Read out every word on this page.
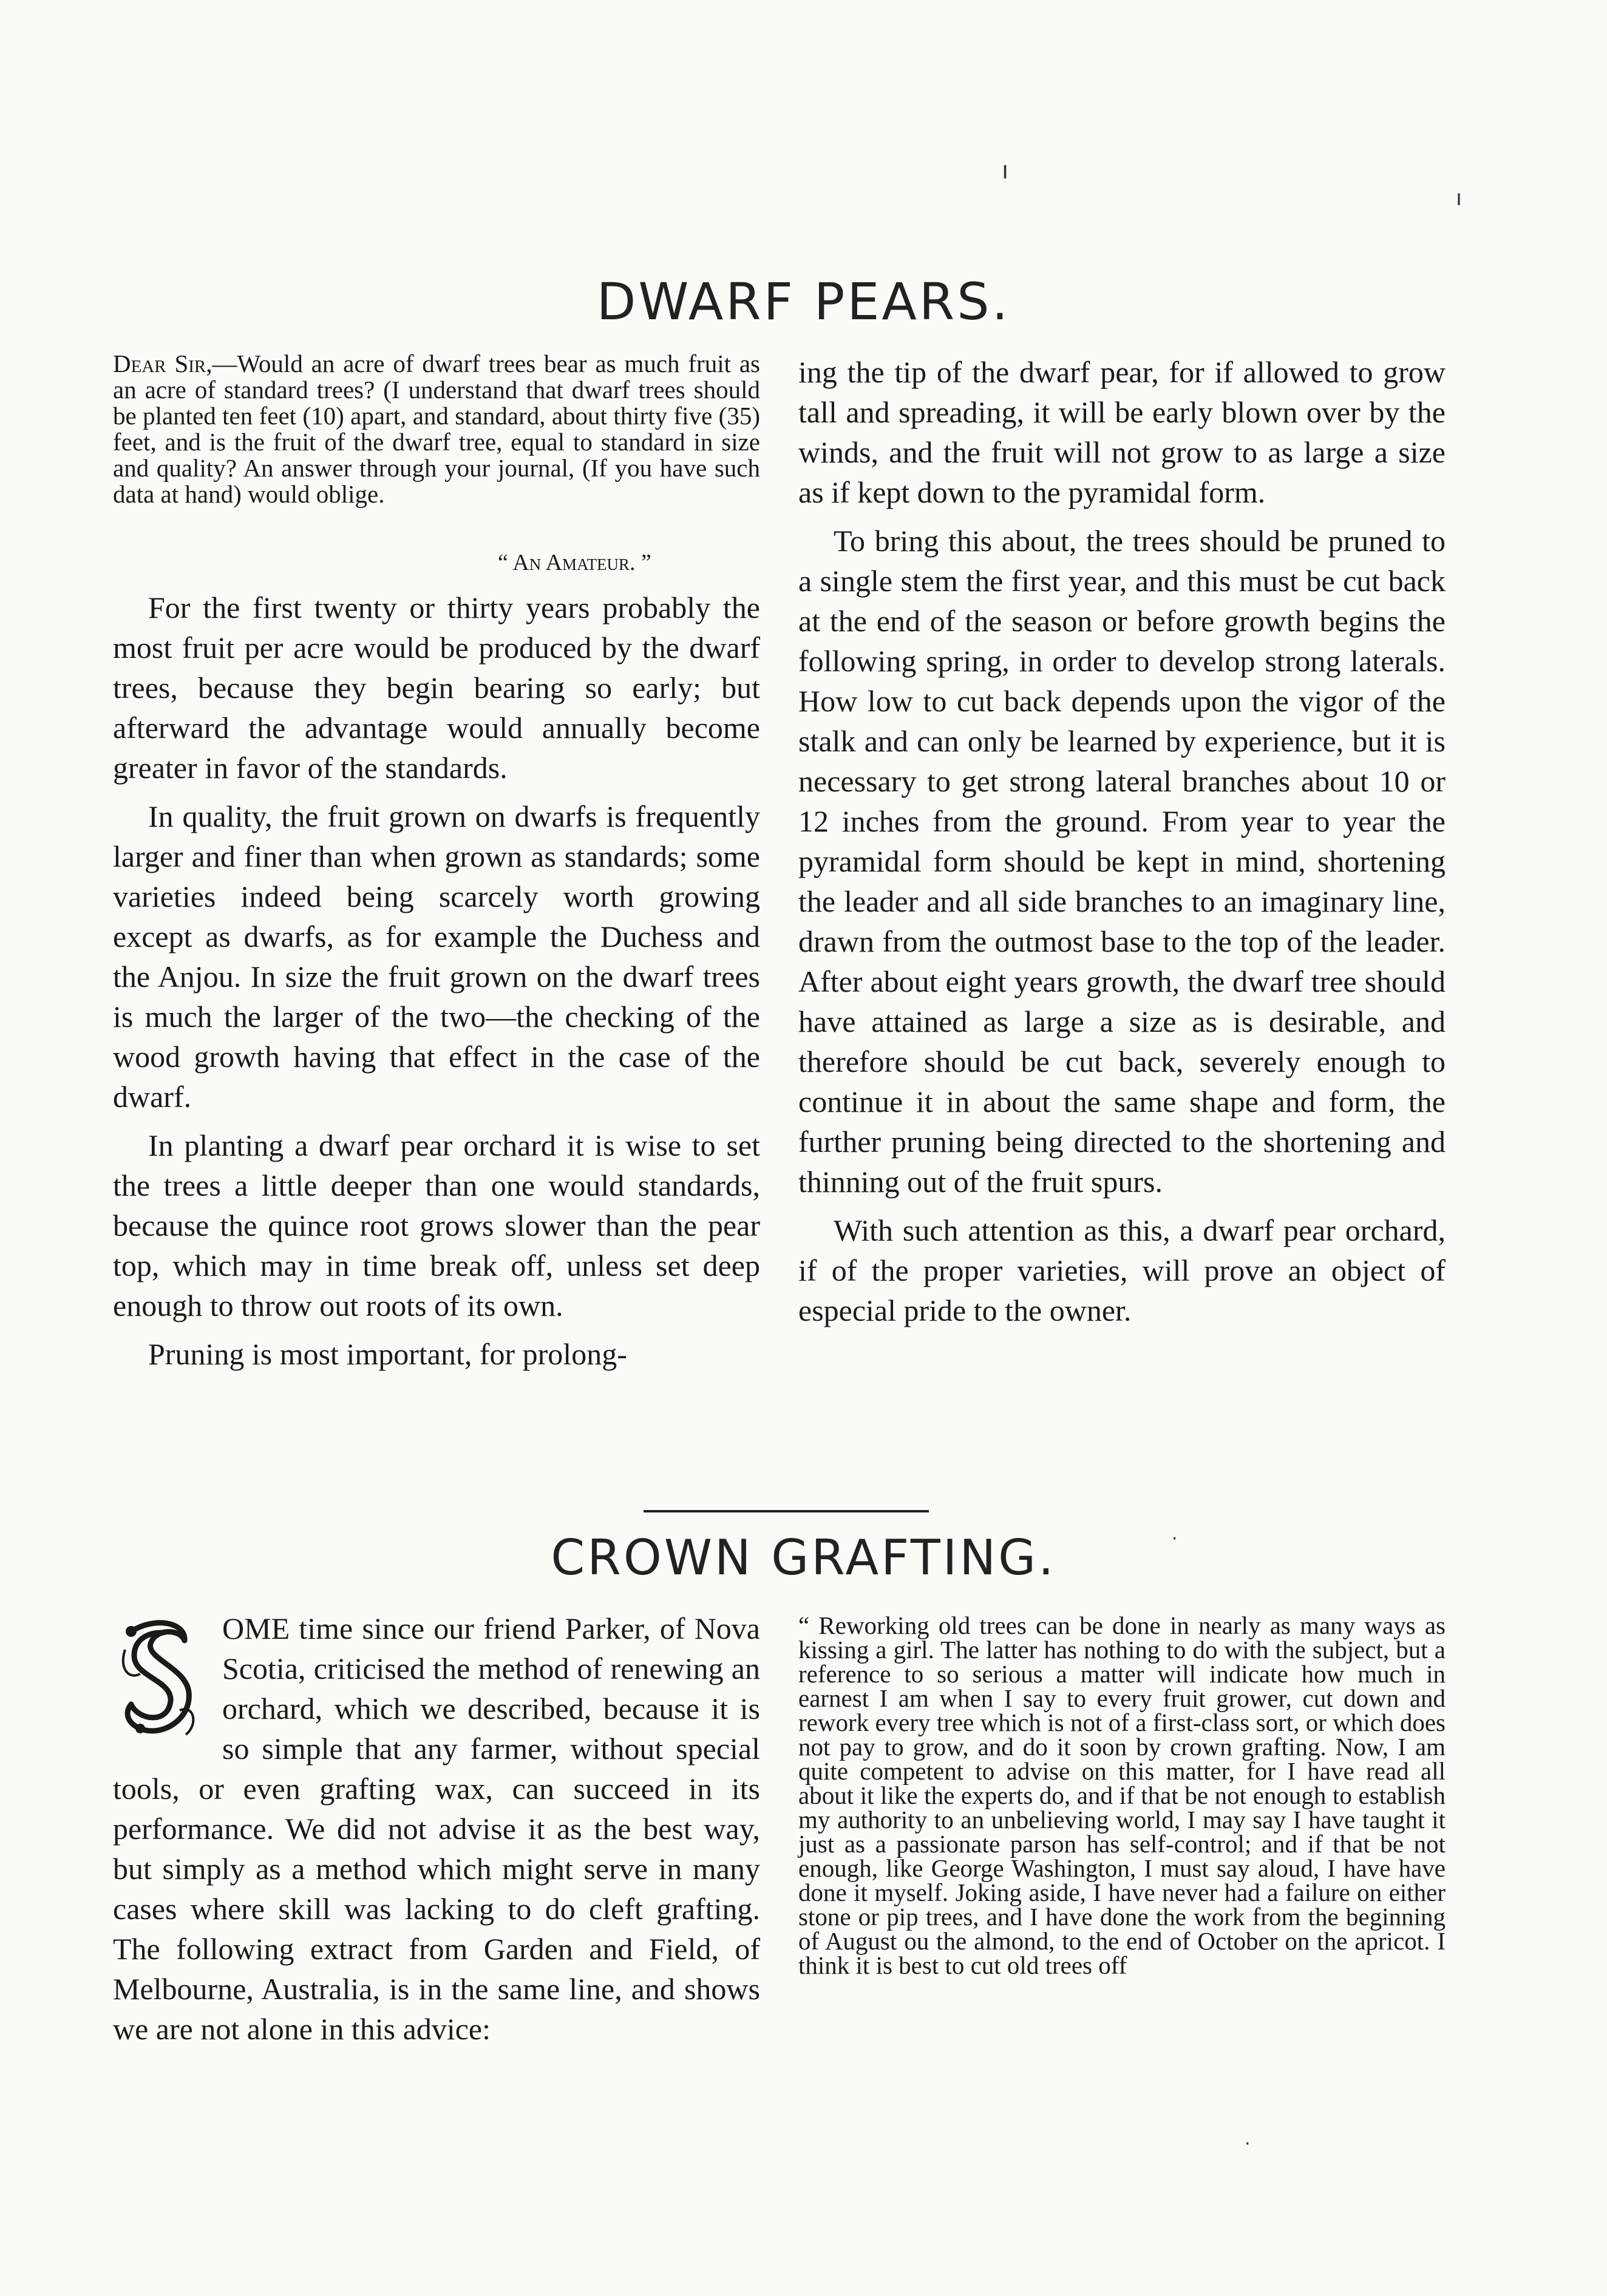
ı
ı
DWARF PEARS.
Dear Sir,—Would an acre of dwarf trees bear as much fruit as an acre of standard trees? (I understand that dwarf trees should be planted ten feet (10) apart, and standard, about thirty five (35) feet, and is the fruit of the dwarf tree, equal to standard in size and quality? An answer through your journal, (If you have such data at hand) would oblige.
“ An Amateur. ”

For the first twenty or thirty years probably the most fruit per acre would be produced by the dwarf trees, because they begin bearing so early; but afterward the advantage would annually become greater in favor of the standards.

In quality, the fruit grown on dwarfs is frequently larger and finer than when grown as standards; some varieties indeed being scarcely worth growing except as dwarfs, as for example the Duchess and the Anjou. In size the fruit grown on the dwarf trees is much the larger of the two—the checking of the wood growth having that effect in the case of the dwarf.

In planting a dwarf pear orchard it is wise to set the trees a little deeper than one would standards, because the quince root grows slower than the pear top, which may in time break off, unless set deep enough to throw out roots of its own.

Pruning is most important, for prolong-

ing the tip of the dwarf pear, for if allowed to grow tall and spreading, it will be early blown over by the winds, and the fruit will not grow to as large a size as if kept down to the pyramidal form.

To bring this about, the trees should be pruned to a single stem the first year, and this must be cut back at the end of the season or before growth begins the following spring, in order to develop strong laterals. How low to cut back depends upon the vigor of the stalk and can only be learned by experience, but it is necessary to get strong lateral branches about 10 or 12 inches from the ground. From year to year the pyramidal form should be kept in mind, shortening the leader and all side branches to an imaginary line, drawn from the outmost base to the top of the leader. After about eight years growth, the dwarf tree should have attained as large a size as is desirable, and therefore should be cut back, severely enough to continue it in about the same shape and form, the further pruning being directed to the shortening and thinning out of the fruit spurs.

With such attention as this, a dwarf pear orchard, if of the proper varieties, will prove an object of especial pride to the owner.

CROWN GRAFTING.
S

OME time since our friend Parker, of Nova Scotia, criticised the method of renewing an orchard, which we described, because it is so simple that any farmer, without special tools, or even grafting wax, can succeed in its performance. We did not advise it as the best way, but simply as a method which might serve in many cases where skill was lacking to do cleft grafting. The following extract from Garden and Field, of Melbourne, Australia, is in the same line, and shows we are not alone in this advice:

“ Reworking old trees can be done in nearly as many ways as kissing a girl. The latter has nothing to do with the subject, but a reference to so serious a matter will indicate how much in earnest I am when I say to every fruit grower, cut down and rework every tree which is not of a first-class sort, or which does not pay to grow, and do it soon by crown grafting. Now, I am quite competent to advise on this matter, for I have read all about it like the experts do, and if that be not enough to establish my authority to an unbelieving world, I may say I have taught it just as a passionate parson has self-control; and if that be not enough, like George Washington, I must say aloud, I have have done it myself. Joking aside, I have never had a failure on either stone or pip trees, and I have done the work from the beginning of August ou the almond, to the end of October on the apricot. I think it is best to cut old trees off
·
·
